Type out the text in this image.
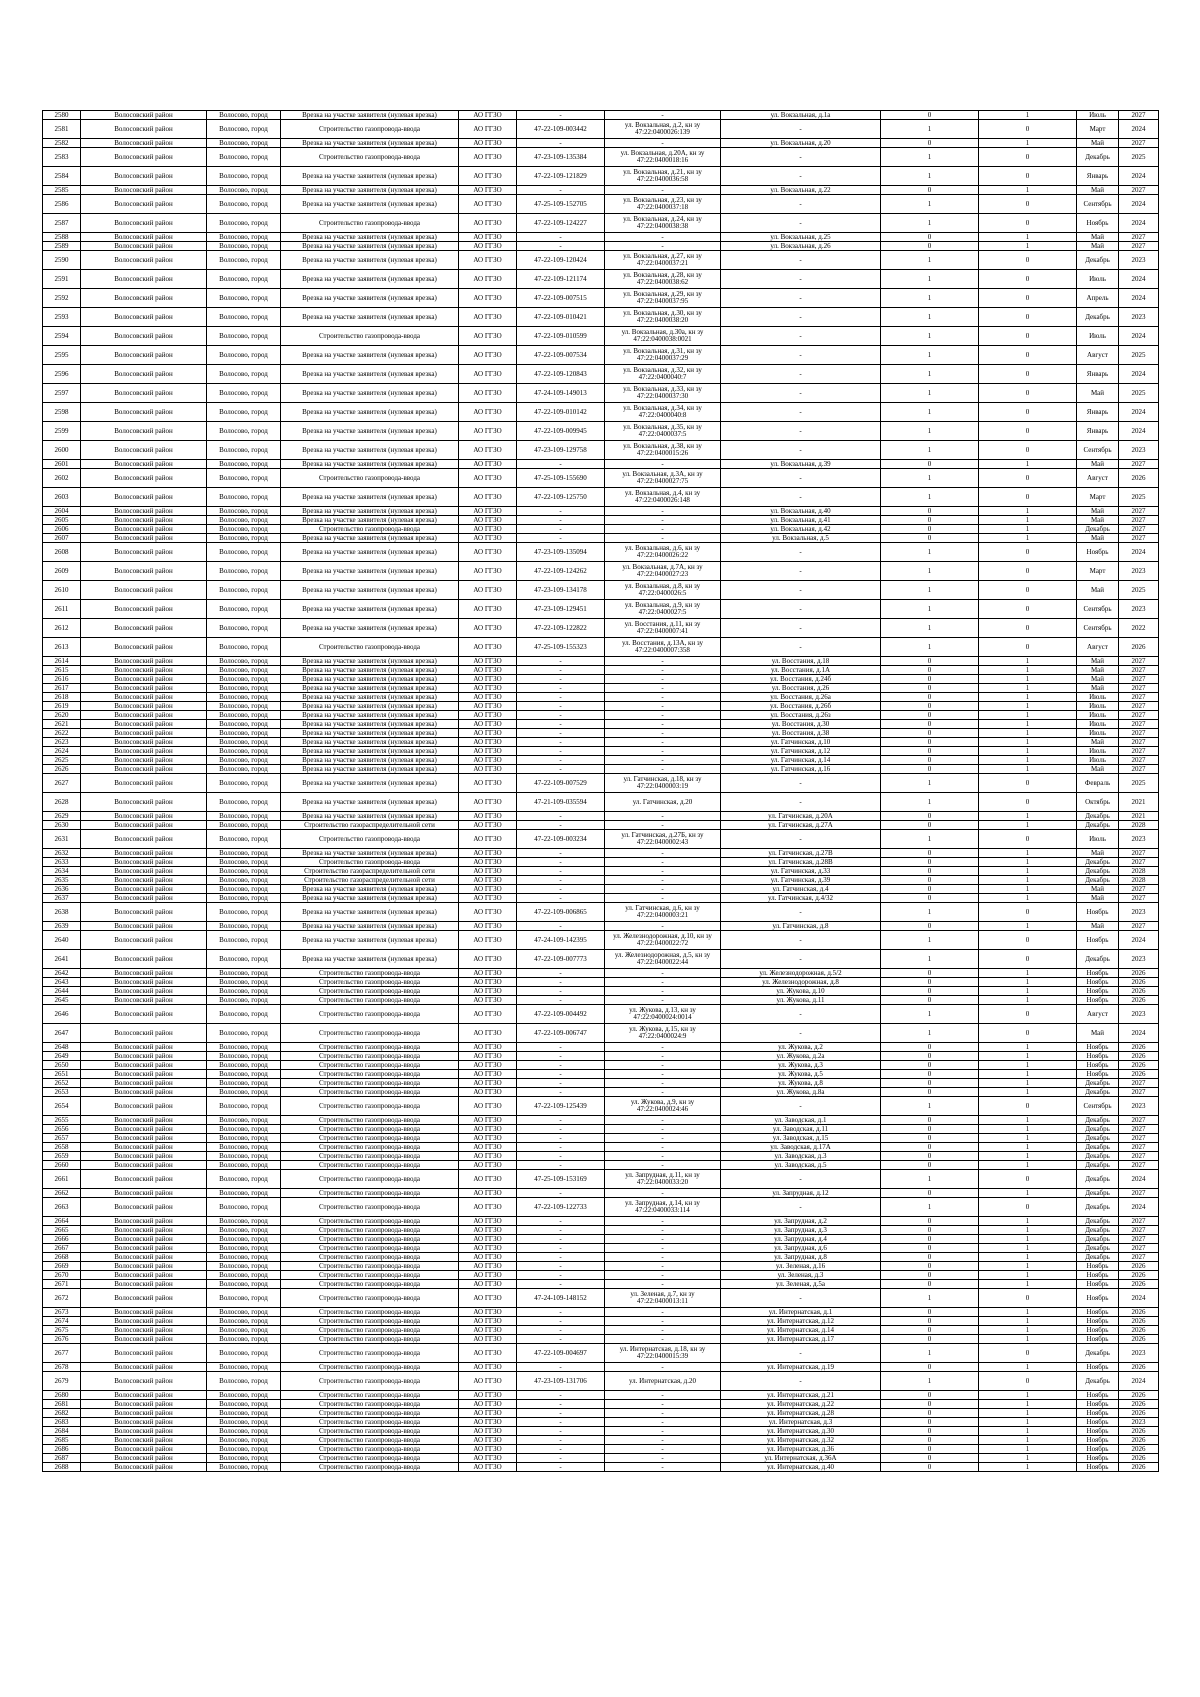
2580	Волосовский район	Волосово, город	Врезка на участке заявителя (нулевая врезка)	АО ГГЗО	-	-	ул. Вокзальная, д.1а	0	1	Июль	2027
2581	Волосовский район	Волосово, город	Строительство газопровода-ввода	АО ГГЗО	47-22-109-003442	ул. Вокзальная, д.2, кн зу 47:22:0400026:139	-	1	0	Март	2024
2582	Волосовский район	Волосово, город	Врезка на участке заявителя (нулевая врезка)	АО ГГЗО	-	-	ул. Вокзальная, д.20	0	1	Май	2027
2583	Волосовский район	Волосово, город	Строительство газопровода-ввода	АО ГГЗО	47-23-109-135384	ул. Вокзальная, д.20А, кн зу 47:22:0400018:16	-	1	0	Декабрь	2025
2584	Волосовский район	Волосово, город	Врезка на участке заявителя (нулевая врезка)	АО ГГЗО	47-22-109-121829	ул. Вокзальная, д.21, кн зу 47:22:0400036:58	-	1	0	Январь	2024
2585	Волосовский район	Волосово, город	Врезка на участке заявителя (нулевая врезка)	АО ГГЗО	-	-	ул. Вокзальная, д.22	0	1	Май	2027
2586	Волосовский район	Волосово, город	Врезка на участке заявителя (нулевая врезка)	АО ГГЗО	47-25-109-152705	ул. Вокзальная, д.23, кн зу 47:22:0400037:18	-	1	0	Сентябрь	2024
2587	Волосовский район	Волосово, город	Строительство газопровода-ввода	АО ГГЗО	47-22-109-124227	ул. Вокзальная, д.24, кн зу 47:22:0400038:38	-	1	0	Ноябрь	2024
2588	Волосовский район	Волосово, город	Врезка на участке заявителя (нулевая врезка)	АО ГГЗО	-	-	ул. Вокзальная, д.25	0	1	Май	2027
2589	Волосовский район	Волосово, город	Врезка на участке заявителя (нулевая врезка)	АО ГГЗО	-	-	ул. Вокзальная, д.26	0	1	Май	2027
2590	Волосовский район	Волосово, город	Врезка на участке заявителя (нулевая врезка)	АО ГГЗО	47-22-109-120424	ул. Вокзальная, д.27, кн зу 47:22:0400037:21	-	1	0	Декабрь	2023
2591	Волосовский район	Волосово, город	Врезка на участке заявителя (нулевая врезка)	АО ГГЗО	47-22-109-121174	ул. Вокзальная, д.28, кн зу 47:22:0400038:62	-	1	0	Июль	2024
2592	Волосовский район	Волосово, город	Врезка на участке заявителя (нулевая врезка)	АО ГГЗО	47-22-109-007515	ул. Вокзальная, д.29, кн зу 47:22:0400037:95	-	1	0	Апрель	2024
2593	Волосовский район	Волосово, город	Врезка на участке заявителя (нулевая врезка)	АО ГГЗО	47-22-109-010421	ул. Вокзальная, д.30, кн зу 47:22:0400038:20	-	1	0	Декабрь	2023
2594	Волосовский район	Волосово, город	Строительство газопровода-ввода	АО ГГЗО	47-22-109-010599	ул. Вокзальная, д.30а, кн зу 47:22:0400038:0021	-	1	0	Июль	2024
2595	Волосовский район	Волосово, город	Врезка на участке заявителя (нулевая врезка)	АО ГГЗО	47-22-109-007534	ул. Вокзальная, д.31, кн зу 47:22:0400037:29	-	1	0	Август	2025
2596	Волосовский район	Волосово, город	Врезка на участке заявителя (нулевая врезка)	АО ГГЗО	47-22-109-120843	ул. Вокзальная, д.32, кн зу 47:22:0400040:7	-	1	0	Январь	2024
2597	Волосовский район	Волосово, город	Врезка на участке заявителя (нулевая врезка)	АО ГГЗО	47-24-109-149013	ул. Вокзальная, д.33, кн зу 47:22:0400037:30	-	1	0	Май	2025
2598	Волосовский район	Волосово, город	Врезка на участке заявителя (нулевая врезка)	АО ГГЗО	47-22-109-010142	ул. Вокзальная, д.34, кн зу 47:22:0400040:8	-	1	0	Январь	2024
2599	Волосовский район	Волосово, город	Врезка на участке заявителя (нулевая врезка)	АО ГГЗО	47-22-109-009945	ул. Вокзальная, д.35, кн зу 47:22:0400037:5	-	1	0	Январь	2024
2600	Волосовский район	Волосово, город	Врезка на участке заявителя (нулевая врезка)	АО ГГЗО	47-23-109-129758	ул. Вокзальная, д.38, кн зу 47:22:0400015:26	-	1	0	Сентябрь	2023
2601	Волосовский район	Волосово, город	Врезка на участке заявителя (нулевая врезка)	АО ГГЗО	-	-	ул. Вокзальная, д.39	0	1	Май	2027
2602	Волосовский район	Волосово, город	Строительство газопровода-ввода	АО ГГЗО	47-25-109-155690	ул. Вокзальная, д.3А, кн зу 47:22:0400027:75	-	1	0	Август	2026
2603	Волосовский район	Волосово, город	Врезка на участке заявителя (нулевая врезка)	АО ГГЗО	47-22-109-125750	ул. Вокзальная, д.4, кн зу 47:22:0400026:148	-	1	0	Март	2025
2604	Волосовский район	Волосово, город	Врезка на участке заявителя (нулевая врезка)	АО ГГЗО	-	-	ул. Вокзальная, д.40	0	1	Май	2027
2605	Волосовский район	Волосово, город	Врезка на участке заявителя (нулевая врезка)	АО ГГЗО	-	-	ул. Вокзальная, д.41	0	1	Май	2027
2606	Волосовский район	Волосово, город	Строительство газопровода-ввода	АО ГГЗО	-	-	ул. Вокзальная, д.42	0	1	Декабрь	2027
2607	Волосовский район	Волосово, город	Врезка на участке заявителя (нулевая врезка)	АО ГГЗО	-	-	ул. Вокзальная, д.5	0	1	Май	2027
2608	Волосовский район	Волосово, город	Врезка на участке заявителя (нулевая врезка)	АО ГГЗО	47-23-109-135094	ул. Вокзальная, д.6, кн зу 47:22:0400026:22	-	1	0	Ноябрь	2024
2609	Волосовский район	Волосово, город	Врезка на участке заявителя (нулевая врезка)	АО ГГЗО	47-22-109-124262	ул. Вокзальная, д.7А, кн зу 47:22:0400027:23	-	1	0	Март	2023
2610	Волосовский район	Волосово, город	Врезка на участке заявителя (нулевая врезка)	АО ГГЗО	47-23-109-134178	ул. Вокзальная, д.8, кн зу 47:22:0400026:5	-	1	0	Май	2025
2611	Волосовский район	Волосово, город	Врезка на участке заявителя (нулевая врезка)	АО ГГЗО	47-23-109-129451	ул. Вокзальная, д.9, кн зу 47:22:0400027:5	-	1	0	Сентябрь	2023
2612	Волосовский район	Волосово, город	Врезка на участке заявителя (нулевая врезка)	АО ГГЗО	47-22-109-122822	ул. Восстания, д.11, кн зу 47:22:0400007:41	-	1	0	Сентябрь	2022
2613	Волосовский район	Волосово, город	Строительство газопровода-ввода	АО ГГЗО	47-25-109-155323	ул. Восстания, д.13А, кн зу 47:22:0400007:358	-	1	0	Август	2026
2614	Волосовский район	Волосово, город	Врезка на участке заявителя (нулевая врезка)	АО ГГЗО	-	-	ул. Восстания, д.18	0	1	Май	2027
2615	Волосовский район	Волосово, город	Врезка на участке заявителя (нулевая врезка)	АО ГГЗО	-	-	ул. Восстания, д.1А	0	1	Май	2027
2616	Волосовский район	Волосово, город	Врезка на участке заявителя (нулевая врезка)	АО ГГЗО	-	-	ул. Восстания, д.24б	0	1	Май	2027
2617	Волосовский район	Волосово, город	Врезка на участке заявителя (нулевая врезка)	АО ГГЗО	-	-	ул. Восстания, д.26	0	1	Май	2027
2618	Волосовский район	Волосово, город	Врезка на участке заявителя (нулевая врезка)	АО ГГЗО	-	-	ул. Восстания, д.26а	0	1	Июль	2027
2619	Волосовский район	Волосово, город	Врезка на участке заявителя (нулевая врезка)	АО ГГЗО	-	-	ул. Восстания, д.26б	0	1	Июль	2027
2620	Волосовский район	Волосово, город	Врезка на участке заявителя (нулевая врезка)	АО ГГЗО	-	-	ул. Восстания, д.26з	0	1	Июль	2027
2621	Волосовский район	Волосово, город	Врезка на участке заявителя (нулевая врезка)	АО ГГЗО	-	-	ул. Восстания, д.30	0	1	Июль	2027
2622	Волосовский район	Волосово, город	Врезка на участке заявителя (нулевая врезка)	АО ГГЗО	-	-	ул. Восстания, д.38	0	1	Июль	2027
2623	Волосовский район	Волосово, город	Врезка на участке заявителя (нулевая врезка)	АО ГГЗО	-	-	ул. Гатчинская, д.10	0	1	Май	2027
2624	Волосовский район	Волосово, город	Врезка на участке заявителя (нулевая врезка)	АО ГГЗО	-	-	ул. Гатчинская, д.12	0	1	Июль	2027
2625	Волосовский район	Волосово, город	Врезка на участке заявителя (нулевая врезка)	АО ГГЗО	-	-	ул. Гатчинская, д.14	0	1	Июль	2027
2626	Волосовский район	Волосово, город	Врезка на участке заявителя (нулевая врезка)	АО ГГЗО	-	-	ул. Гатчинская, д.16	0	1	Май	2027
2627	Волосовский район	Волосово, город	Врезка на участке заявителя (нулевая врезка)	АО ГГЗО	47-22-109-007529	ул. Гатчинская, д.18, кн зу 47:22:0400003:19	-	1	0	Февраль	2025
2628	Волосовский район	Волосово, город	Врезка на участке заявителя (нулевая врезка)	АО ГГЗО	47-21-109-035594	ул. Гатчинская, д.20	-	1	0	Октябрь	2021
2629	Волосовский район	Волосово, город	Врезка на участке заявителя (нулевая врезка)	АО ГГЗО	-	-	ул. Гатчинская, д.20А	0	1	Декабрь	2021
2630	Волосовский район	Волосово, город	Строительство газораспределительной сети	АО ГГЗО	-	-	ул. Гатчинская, д.27А	0	1	Декабрь	2028
2631	Волосовский район	Волосово, город	Строительство газопровода-ввода	АО ГГЗО	47-22-109-003234	ул. Гатчинская, д.27Б, кн зу 47:22:0400002:43	-	1	0	Июль	2023
2632	Волосовский район	Волосово, город	Врезка на участке заявителя (нулевая врезка)	АО ГГЗО	-	-	ул. Гатчинская, д.27В	0	1	Май	2027
2633	Волосовский район	Волосово, город	Строительство газопровода-ввода	АО ГГЗО	-	-	ул. Гатчинская, д.28В	0	1	Декабрь	2027
2634	Волосовский район	Волосово, город	Строительство газораспределительной сети	АО ГГЗО	-	-	ул. Гатчинская, д.33	0	1	Декабрь	2028
2635	Волосовский район	Волосово, город	Строительство газораспределительной сети	АО ГГЗО	-	-	ул. Гатчинская, д.39	0	1	Декабрь	2028
2636	Волосовский район	Волосово, город	Врезка на участке заявителя (нулевая врезка)	АО ГГЗО	-	-	ул. Гатчинская, д.4	0	1	Май	2027
2637	Волосовский район	Волосово, город	Врезка на участке заявителя (нулевая врезка)	АО ГГЗО	-	-	ул. Гатчинская, д.4/32	0	1	Май	2027
2638	Волосовский район	Волосово, город	Врезка на участке заявителя (нулевая врезка)	АО ГГЗО	47-22-109-006865	ул. Гатчинская, д.6, кн зу 47:22:0400003:21	-	1	0	Ноябрь	2023
2639	Волосовский район	Волосово, город	Врезка на участке заявителя (нулевая врезка)	АО ГГЗО	-	-	ул. Гатчинская, д.8	0	1	Май	2027
2640	Волосовский район	Волосово, город	Врезка на участке заявителя (нулевая врезка)	АО ГГЗО	47-24-109-142395	ул. Железнодорожная, д.10, кн зу 47:22:0400022:72	-	1	0	Ноябрь	2024
2641	Волосовский район	Волосово, город	Врезка на участке заявителя (нулевая врезка)	АО ГГЗО	47-22-109-007773	ул. Железнодорожная, д.5, кн зу 47:22:0400022:44	-	1	0	Декабрь	2023
2642	Волосовский район	Волосово, город	Строительство газопровода-ввода	АО ГГЗО	-	-	ул. Железнодорожная, д.5/2	0	1	Ноябрь	2026
2643	Волосовский район	Волосово, город	Строительство газопровода-ввода	АО ГГЗО	-	-	ул. Железнодорожная, д.8	0	1	Ноябрь	2026
2644	Волосовский район	Волосово, город	Строительство газопровода-ввода	АО ГГЗО	-	-	ул. Жукова, д.10	0	1	Ноябрь	2026
2645	Волосовский район	Волосово, город	Строительство газопровода-ввода	АО ГГЗО	-	-	ул. Жукова, д.11	0	1	Ноябрь	2026
2646	Волосовский район	Волосово, город	Строительство газопровода-ввода	АО ГГЗО	47-22-109-004492	ул. Жукова, д.13, кн зу 47:22:0400024:0014	-	1	0	Август	2023
2647	Волосовский район	Волосово, город	Строительство газопровода-ввода	АО ГГЗО	47-22-109-006747	ул. Жукова, д.15, кн зу 47:22:0400024:9	-	1	0	Май	2024
2648	Волосовский район	Волосово, город	Строительство газопровода-ввода	АО ГГЗО	-	-	ул. Жукова, д.2	0	1	Ноябрь	2026
2649	Волосовский район	Волосово, город	Строительство газопровода-ввода	АО ГГЗО	-	-	ул. Жукова, д.2а	0	1	Ноябрь	2026
2650	Волосовский район	Волосово, город	Строительство газопровода-ввода	АО ГГЗО	-	-	ул. Жукова, д.3	0	1	Ноябрь	2026
2651	Волосовский район	Волосово, город	Строительство газопровода-ввода	АО ГГЗО	-	-	ул. Жукова, д.5	0	1	Ноябрь	2026
2652	Волосовский район	Волосово, город	Строительство газопровода-ввода	АО ГГЗО	-	-	ул. Жукова, д.8	0	1	Декабрь	2027
2653	Волосовский район	Волосово, город	Строительство газопровода-ввода	АО ГГЗО	-	-	ул. Жукова, д.8а	0	1	Декабрь	2027
2654	Волосовский район	Волосово, город	Строительство газопровода-ввода	АО ГГЗО	47-22-109-125439	ул. Жукова, д.9, кн зу 47:22:0400024:46	-	1	0	Сентябрь	2023
2655	Волосовский район	Волосово, город	Строительство газопровода-ввода	АО ГГЗО	-	-	ул. Заводская, д.1	0	1	Декабрь	2027
2656	Волосовский район	Волосово, город	Строительство газопровода-ввода	АО ГГЗО	-	-	ул. Заводская, д.11	0	1	Декабрь	2027
2657	Волосовский район	Волосово, город	Строительство газопровода-ввода	АО ГГЗО	-	-	ул. Заводская, д.15	0	1	Декабрь	2027
2658	Волосовский район	Волосово, город	Строительство газопровода-ввода	АО ГГЗО	-	-	ул. Заводская, д.17А	0	1	Декабрь	2027
2659	Волосовский район	Волосово, город	Строительство газопровода-ввода	АО ГГЗО	-	-	ул. Заводская, д.3	0	1	Декабрь	2027
2660	Волосовский район	Волосово, город	Строительство газопровода-ввода	АО ГГЗО	-	-	ул. Заводская, д.5	0	1	Декабрь	2027
2661	Волосовский район	Волосово, город	Строительство газопровода-ввода	АО ГГЗО	47-25-109-153169	ул. Запрудная, д.11, кн зу 47:22:0400033:20	-	1	0	Декабрь	2024
2662	Волосовский район	Волосово, город	Строительство газопровода-ввода	АО ГГЗО	-	-	ул. Запрудная, д.12	0	1	Декабрь	2027
2663	Волосовский район	Волосово, город	Строительство газопровода-ввода	АО ГГЗО	47-22-109-122733	ул. Запрудная, д.14, кн зу 47:22:0400033:114	-	1	0	Декабрь	2024
2664	Волосовский район	Волосово, город	Строительство газопровода-ввода	АО ГГЗО	-	-	ул. Запрудная, д.2	0	1	Декабрь	2027
2665	Волосовский район	Волосово, город	Строительство газопровода-ввода	АО ГГЗО	-	-	ул. Запрудная, д.3	0	1	Декабрь	2027
2666	Волосовский район	Волосово, город	Строительство газопровода-ввода	АО ГГЗО	-	-	ул. Запрудная, д.4	0	1	Декабрь	2027
2667	Волосовский район	Волосово, город	Строительство газопровода-ввода	АО ГГЗО	-	-	ул. Запрудная, д.6	0	1	Декабрь	2027
2668	Волосовский район	Волосово, город	Строительство газопровода-ввода	АО ГГЗО	-	-	ул. Запрудная, д.8	0	1	Декабрь	2027
2669	Волосовский район	Волосово, город	Строительство газопровода-ввода	АО ГГЗО	-	-	ул. Зеленая, д.16	0	1	Ноябрь	2026
2670	Волосовский район	Волосово, город	Строительство газопровода-ввода	АО ГГЗО	-	-	ул. Зеленая, д.3	0	1	Ноябрь	2026
2671	Волосовский район	Волосово, город	Строительство газопровода-ввода	АО ГГЗО	-	-	ул. Зеленая, д.5а	0	1	Ноябрь	2026
2672	Волосовский район	Волосово, город	Строительство газопровода-ввода	АО ГГЗО	47-24-109-148152	ул. Зеленая, д.7, кн зу 47:22:0400013:11	-	1	0	Ноябрь	2024
2673	Волосовский район	Волосово, город	Строительство газопровода-ввода	АО ГГЗО	-	-	ул. Интернатская, д.1	0	1	Ноябрь	2026
2674	Волосовский район	Волосово, город	Строительство газопровода-ввода	АО ГГЗО	-	-	ул. Интернатская, д.12	0	1	Ноябрь	2026
2675	Волосовский район	Волосово, город	Строительство газопровода-ввода	АО ГГЗО	-	-	ул. Интернатская, д.14	0	1	Ноябрь	2026
2676	Волосовский район	Волосово, город	Строительство газопровода-ввода	АО ГГЗО	-	-	ул. Интернатская, д.17	0	1	Ноябрь	2026
2677	Волосовский район	Волосово, город	Строительство газопровода-ввода	АО ГГЗО	47-22-109-004697	ул. Интернатская, д.18, кн зу 47:22:0400015:39	-	1	0	Декабрь	2023
2678	Волосовский район	Волосово, город	Строительство газопровода-ввода	АО ГГЗО	-	-	ул. Интернатская, д.19	0	1	Ноябрь	2026
2679	Волосовский район	Волосово, город	Строительство газопровода-ввода	АО ГГЗО	47-23-109-131706	ул. Интернатская, д.20	-	1	0	Декабрь	2024
2680	Волосовский район	Волосово, город	Строительство газопровода-ввода	АО ГГЗО	-	-	ул. Интернатская, д.21	0	1	Ноябрь	2026
2681	Волосовский район	Волосово, город	Строительство газопровода-ввода	АО ГГЗО	-	-	ул. Интернатская, д.22	0	1	Ноябрь	2026
2682	Волосовский район	Волосово, город	Строительство газопровода-ввода	АО ГГЗО	-	-	ул. Интернатская, д.28	0	1	Ноябрь	2026
2683	Волосовский район	Волосово, город	Строительство газопровода-ввода	АО ГГЗО	-	-	ул. Интернатская, д.3	0	1	Ноябрь	2023
2684	Волосовский район	Волосово, город	Строительство газопровода-ввода	АО ГГЗО	-	-	ул. Интернатская, д.30	0	1	Ноябрь	2026
2685	Волосовский район	Волосово, город	Строительство газопровода-ввода	АО ГГЗО	-	-	ул. Интернатская, д.32	0	1	Ноябрь	2026
2686	Волосовский район	Волосово, город	Строительство газопровода-ввода	АО ГГЗО	-	-	ул. Интернатская, д.36	0	1	Ноябрь	2026
2687	Волосовский район	Волосово, город	Строительство газопровода-ввода	АО ГГЗО	-	-	ул. Интернатская, д.36А	0	1	Ноябрь	2026
2688	Волосовский район	Волосово, город	Строительство газопровода-ввода	АО ГГЗО	-	-	ул. Интернатская, д.40	0	1	Ноябрь	2026
